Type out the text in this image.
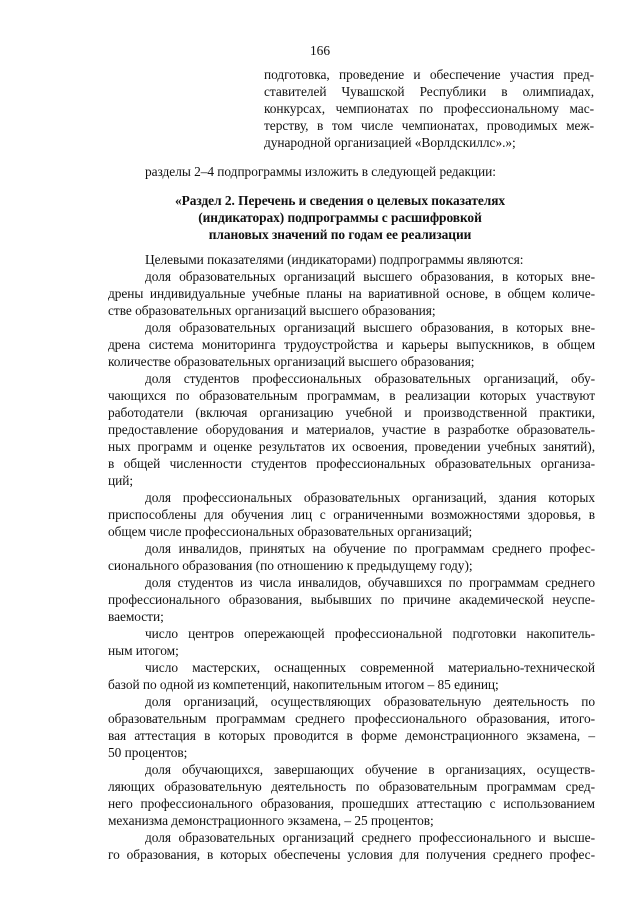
166
подготовка, проведение и обеспечение участия пред-
ставителей Чувашской Республики в олимпиадах,
конкурсах, чемпионатах по профессиональному мас-
терству, в том числе чемпионатах, проводимых меж-
дународной организацией «Ворлдскиллс».»;
разделы 2–4 подпрограммы изложить в следующей редакции:
«Раздел 2. Перечень и сведения о целевых показателях
(индикаторах) подпрограммы с расшифровкой
плановых значений по годам ее реализации
Целевыми показателями (индикаторами) подпрограммы являются:
доля образовательных организаций высшего образования, в которых вне-
дрены индивидуальные учебные планы на вариативной основе, в общем количе-
стве образовательных организаций высшего образования;
доля образовательных организаций высшего образования, в которых вне-
дрена система мониторинга трудоустройства и карьеры выпускников, в общем
количестве образовательных организаций высшего образования;
доля студентов профессиональных образовательных организаций, обу-
чающихся по образовательным программам, в реализации которых участвуют
работодатели (включая организацию учебной и производственной практики,
предоставление оборудования и материалов, участие в разработке образователь-
ных программ и оценке результатов их освоения, проведении учебных занятий),
в общей численности студентов профессиональных образовательных организа-
ций;
доля профессиональных образовательных организаций, здания которых
приспособлены для обучения лиц с ограниченными возможностями здоровья, в
общем числе профессиональных образовательных организаций;
доля инвалидов, принятых на обучение по программам среднего профес-
сионального образования (по отношению к предыдущему году);
доля студентов из числа инвалидов, обучавшихся по программам среднего
профессионального образования, выбывших по причине академической неуспе-
ваемости;
число центров опережающей профессиональной подготовки накопитель-
ным итогом;
число мастерских, оснащенных современной материально-технической
базой по одной из компетенций, накопительным итогом – 85 единиц;
доля организаций, осуществляющих образовательную деятельность по
образовательным программам среднего профессионального образования, итого-
вая аттестация в которых проводится в форме демонстрационного экзамена, –
50 процентов;
доля обучающихся, завершающих обучение в организациях, осуществ-
ляющих образовательную деятельность по образовательным программам сред-
него профессионального образования, прошедших аттестацию с использованием
механизма демонстрационного экзамена, – 25 процентов;
доля образовательных организаций среднего профессионального и высше-
го образования, в которых обеспечены условия для получения среднего профес-
